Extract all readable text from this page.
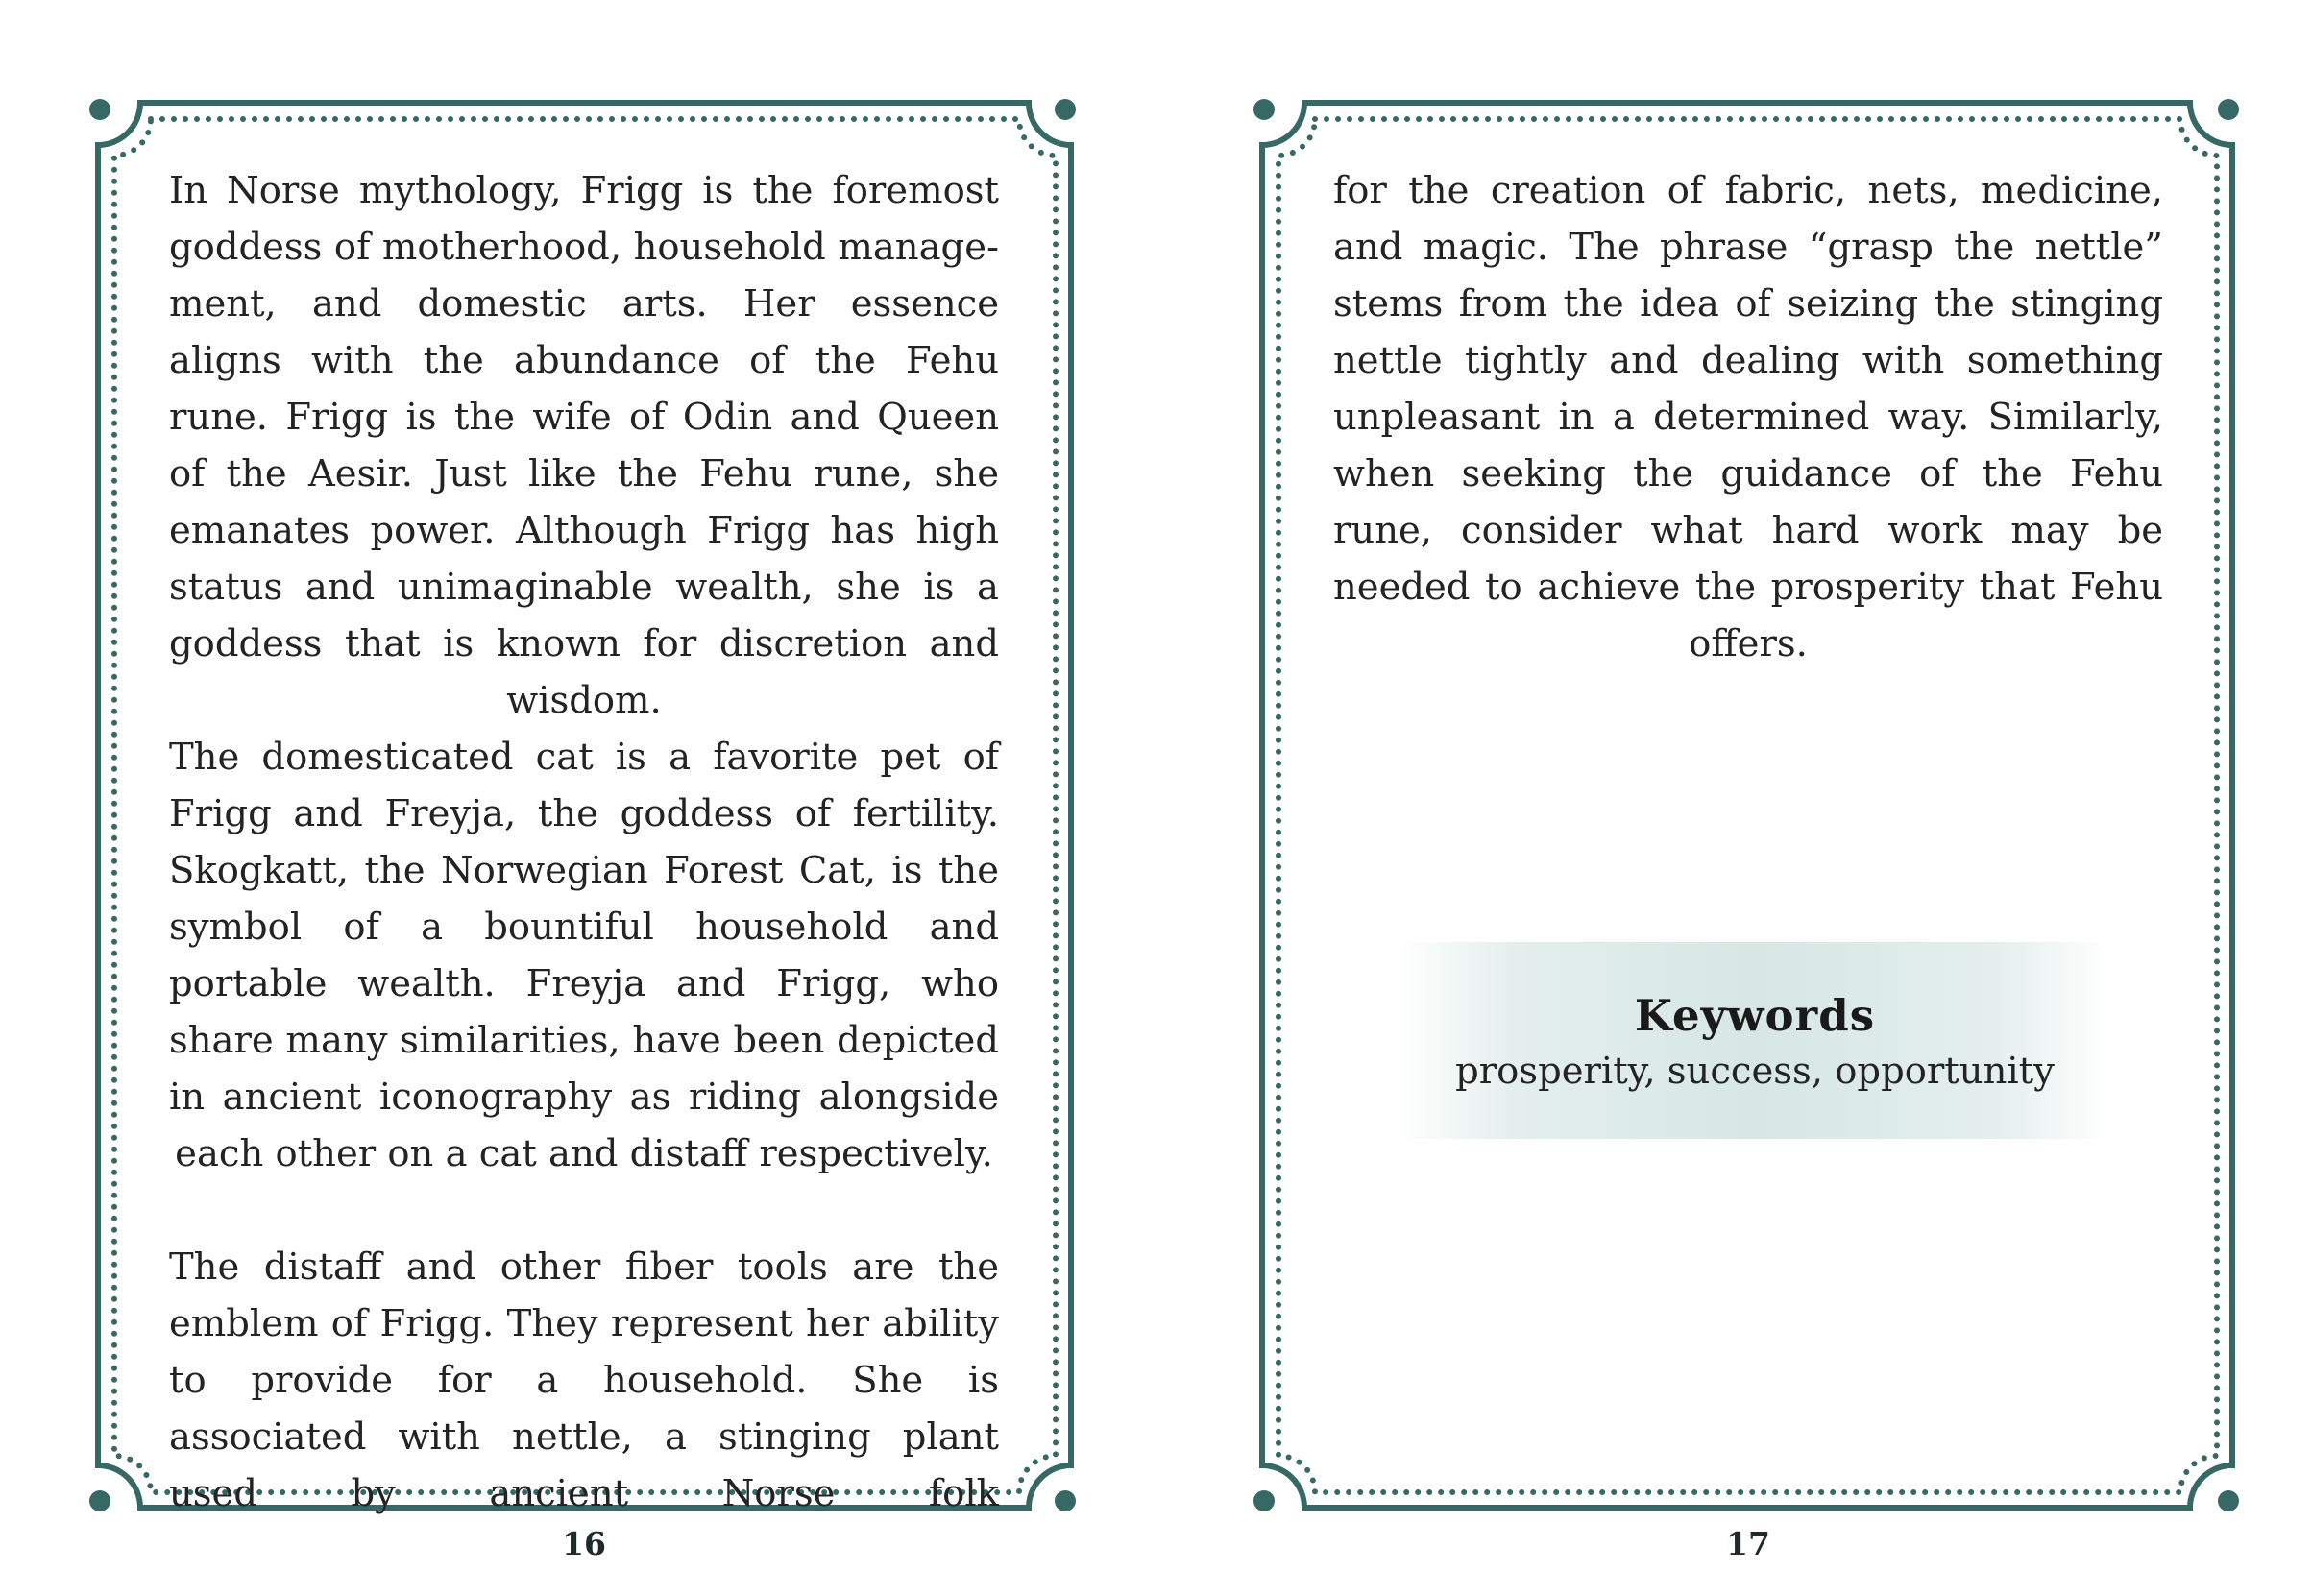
In Norse mythology, Frigg is the foremost goddess of motherhood, household management, and domestic arts. Her essence aligns with the abundance of the Fehu rune. Frigg is the wife of Odin and Queen of the Aesir. Just like the Fehu rune, she emanates power. Although Frigg has high status and unimaginable wealth, she is a goddess that is known for discretion and wisdom.

The domesticated cat is a favorite pet of Frigg and Freyja, the goddess of fertility. Skogkatt, the Norwegian Forest Cat, is the symbol of a bountiful household and portable wealth. Freyja and Frigg, who share many similarities, have been depicted in ancient iconography as riding alongside each other on a cat and distaff respectively.

The distaff and other fiber tools are the emblem of Frigg. They represent her ability to provide for a household. She is associated with nettle, a stinging plant used by ancient Norse folk

16

for the creation of fabric, nets, medicine, and magic. The phrase “grasp the nettle” stems from the idea of seizing the stinging nettle tightly and dealing with something unpleasant in a determined way. Similarly, when seeking the guidance of the Fehu rune, consider what hard work may be needed to achieve the prosperity that Fehu offers.

Keywords
prosperity, success, opportunity
17
